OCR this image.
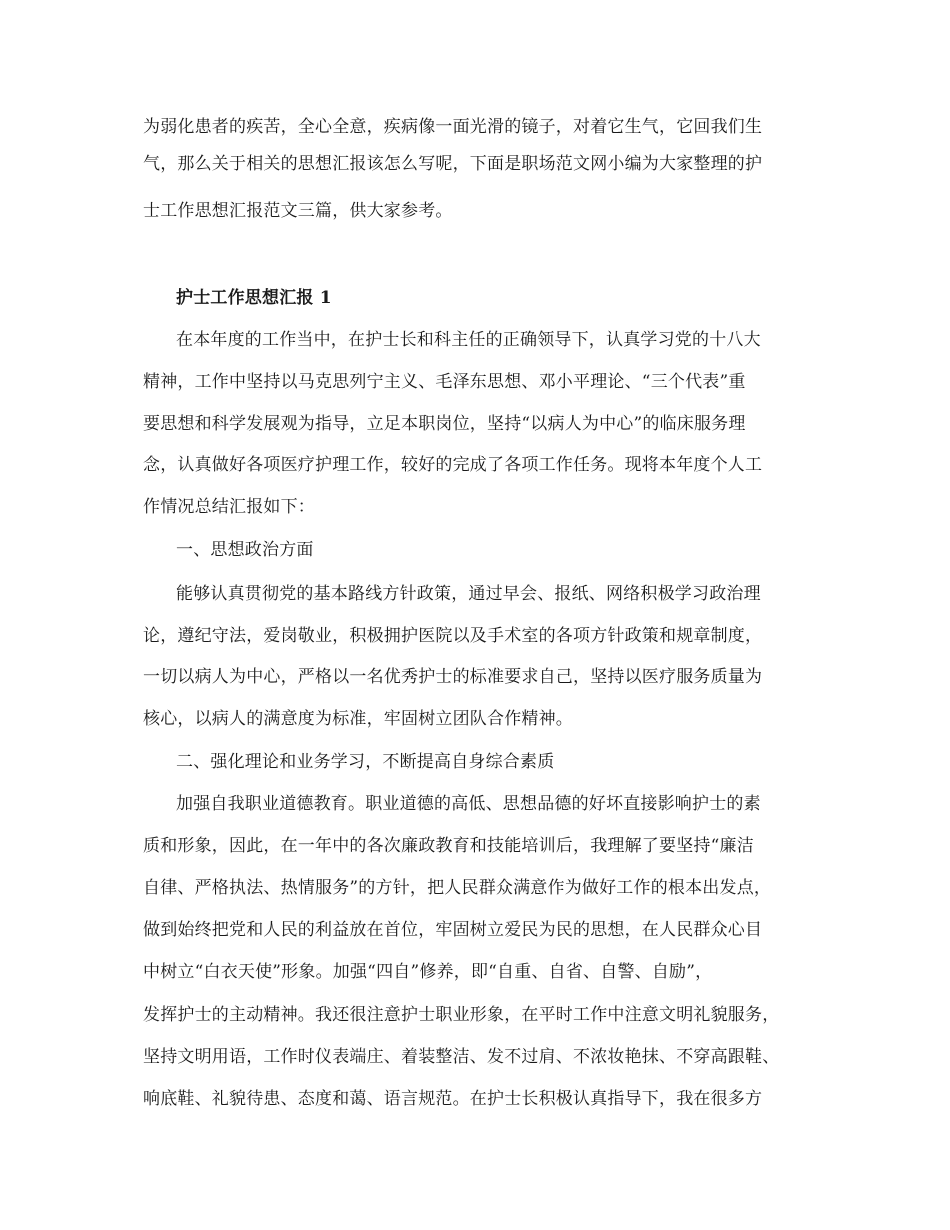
为弱化患者的疾苦，全心全意，疾病像一面光滑的镜子，对着它生气，它回我们生
气，那么关于相关的思想汇报该怎么写呢，下面是职场范文网小编为大家整理的护
士工作思想汇报范文三篇，供大家参考。
护士工作思想汇报 1
在本年度的工作当中，在护士长和科主任的正确领导下，认真学习党的十八大
精神，工作中坚持以马克思列宁主义、毛泽东思想、邓小平理论、“三个代表”重
要思想和科学发展观为指导，立足本职岗位，坚持“以病人为中心”的临床服务理
念，认真做好各项医疗护理工作，较好的完成了各项工作任务。现将本年度个人工
作情况总结汇报如下：
一、思想政治方面
能够认真贯彻党的基本路线方针政策，通过早会、报纸、网络积极学习政治理
论，遵纪守法，爱岗敬业，积极拥护医院以及手术室的各项方针政策和规章制度，
一切以病人为中心，严格以一名优秀护士的标准要求自己，坚持以医疗服务质量为
核心，以病人的满意度为标准，牢固树立团队合作精神。
二、强化理论和业务学习，不断提高自身综合素质
加强自我职业道德教育。职业道德的高低、思想品德的好坏直接影响护士的素
质和形象，因此，在一年中的各次廉政教育和技能培训后，我理解了要坚持“廉洁
自律、严格执法、热情服务”的方针，把人民群众满意作为做好工作的根本出发点，
做到始终把党和人民的利益放在首位，牢固树立爱民为民的思想，在人民群众心目
中树立“白衣天使”形象。加强“四自”修养，即“自重、自省、自警、自励”，
发挥护士的主动精神。我还很注意护士职业形象，在平时工作中注意文明礼貌服务，
坚持文明用语，工作时仪表端庄、着装整洁、发不过肩、不浓妆艳抹、不穿高跟鞋、
响底鞋、礼貌待患、态度和蔼、语言规范。在护士长积极认真指导下，我在很多方
